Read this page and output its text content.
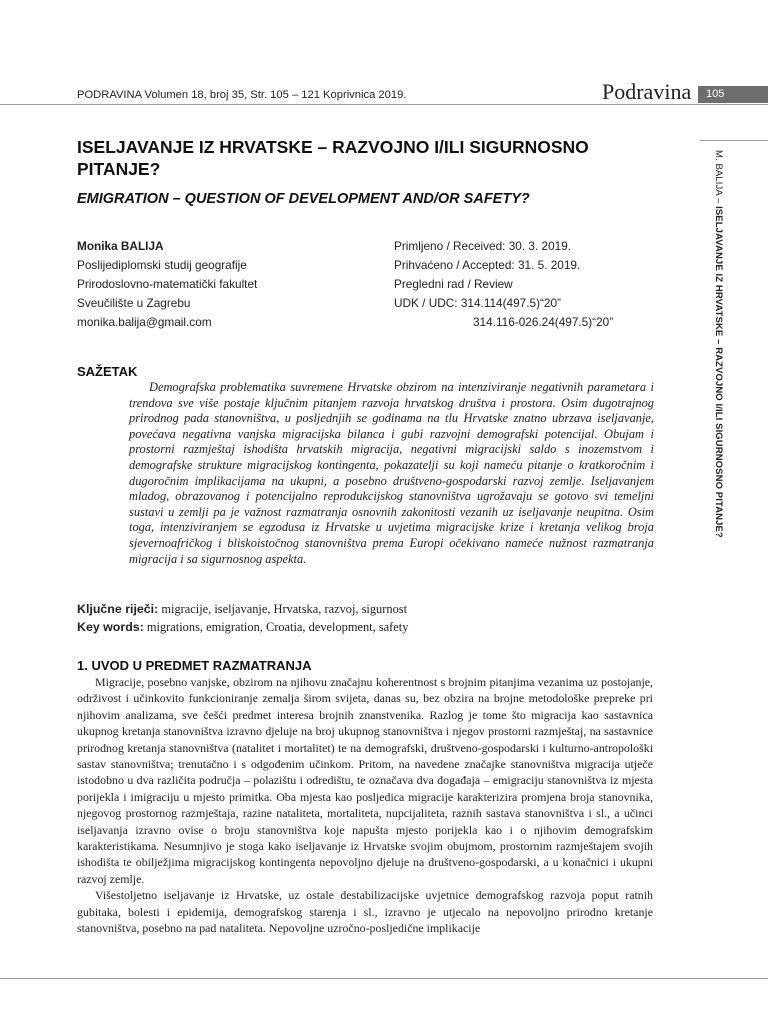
PODRAVINA Volumen 18, broj 35, Str. 105 – 121 Koprivnica 2019.	Podravina	105
M. BALIJA – ISELJAVANJE IZ HRVATSKE – RAZVOJNO I/ILI SIGURNOSNO PITANJE?
ISELJAVANJE IZ HRVATSKE – RAZVOJNO I/ILI SIGURNOSNO PITANJE?
EMIGRATION – QUESTION OF DEVELOPMENT AND/OR SAFETY?
Monika BALIJA
Poslijediplomski studij geografije
Prirodoslovno-matematički fakultet
Sveučilište u Zagrebu
monika.balija@gmail.com
Primljeno / Received: 30. 3. 2019.
Prihvaćeno / Accepted: 31. 5. 2019.
Pregledni rad / Review
UDK / UDC: 314.114(497.5)“20”
314.116-026.24(497.5)“20”
SAŽETAK
Demografska problematika suvremene Hrvatske obzirom na intenziviranje negativnih parametara i trendova sve više postaje ključnim pitanjem razvoja hrvatskog društva i prostora. Osim dugotrajnog prirodnog pada stanovništva, u posljednjih se godinama na tlu Hrvatske znatno ubrzava iseljavanje, povećava negativna vanjska migracijska bilanca i gubi razvojni demografski potencijal. Obujam i prostorni razmještaj ishodišta hrvatskih migracija, negativni migracijski saldo s inozemstvom i demografske strukture migracijskog kontingenta, pokazatelji su koji nameću pitanje o kratkoročnim i dugoročnim implikacijama na ukupni, a posebno društveno-gospodarski razvoj zemlje. Iseljavanjem mladog, obrazovanog i potencijalno reprodukcijskog stanovništva ugrožavaju se gotovo svi temeljni sustavi u zemlji pa je važnost razmatranja osnovnih zakonitosti vezanih uz iseljavanje neupitna. Osim toga, intenziviranjem se egzodusa iz Hrvatske u uvjetima migracijske krize i kretanja velikog broja sjevernoafričkog i bliskoistočnog stanovništva prema Europi očekivano nameće nužnost razmatranja migracija i sa sigurnosnog aspekta.
Ključne riječi: migracije, iseljavanje, Hrvatska, razvoj, sigurnost
Key words: migrations, emigration, Croatia, development, safety
1. UVOD U PREDMET RAZMATRANJA

Migracije, posebno vanjske, obzirom na njihovu značajnu koherentnost s brojnim pitanjima vezanima uz postojanje, održivost i učinkovito funkcioniranje zemalja širom svijeta, danas su, bez obzira na brojne metodološke prepreke pri njihovim analizama, sve češći predmet interesa brojnih znanstvenika. Razlog je tome što migracija kao sastavnica ukupnog kretanja stanovništva izravno djeluje na broj ukupnog stanovništva i njegov prostorni razmještaj, na sastavnice prirodnog kretanja stanovništva (natalitet i mortalitet) te na demografski, društveno-gospodarski i kulturno-antropološki sastav stanovništva; trenutačno i s odgođenim učinkom. Pritom, na navedene značajke stanovništva migracija utječe istodobno u dva različita područja – polazištu i odredištu, te označava dva događaja – emigraciju stanovništva iz mjesta porijekla i imigraciju u mjesto primitka. Oba mjesta kao posljedica migracije karakterizira promjena broja stanovnika, njegovog prostornog razmještaja, razine nataliteta, mortaliteta, nupcijaliteta, raznih sastava stanovništva i sl., a učinci iseljavanja izravno ovise o broju stanovništva koje napušta mjesto porijekla kao i o njihovim demografskim karakteristikama. Nesumnjivo je stoga kako iseljavanje iz Hrvatske svojim obujmom, prostornim razmještajem svojih ishodišta te obilježjima migracijskog kontingenta nepovoljno djeluje na društveno-gospodarski, a u konačnici i ukupni razvoj zemlje.

Višestoljetno iseljavanje iz Hrvatske, uz ostale destabilizacijske uvjetnice demografskog razvoja poput ratnih gubitaka, bolesti i epidemija, demografskog starenja i sl., izravno je utjecalo na nepovoljno prirodno kretanje stanovništva, posebno na pad nataliteta. Nepovoljne uzročno-posljedične implikacije
